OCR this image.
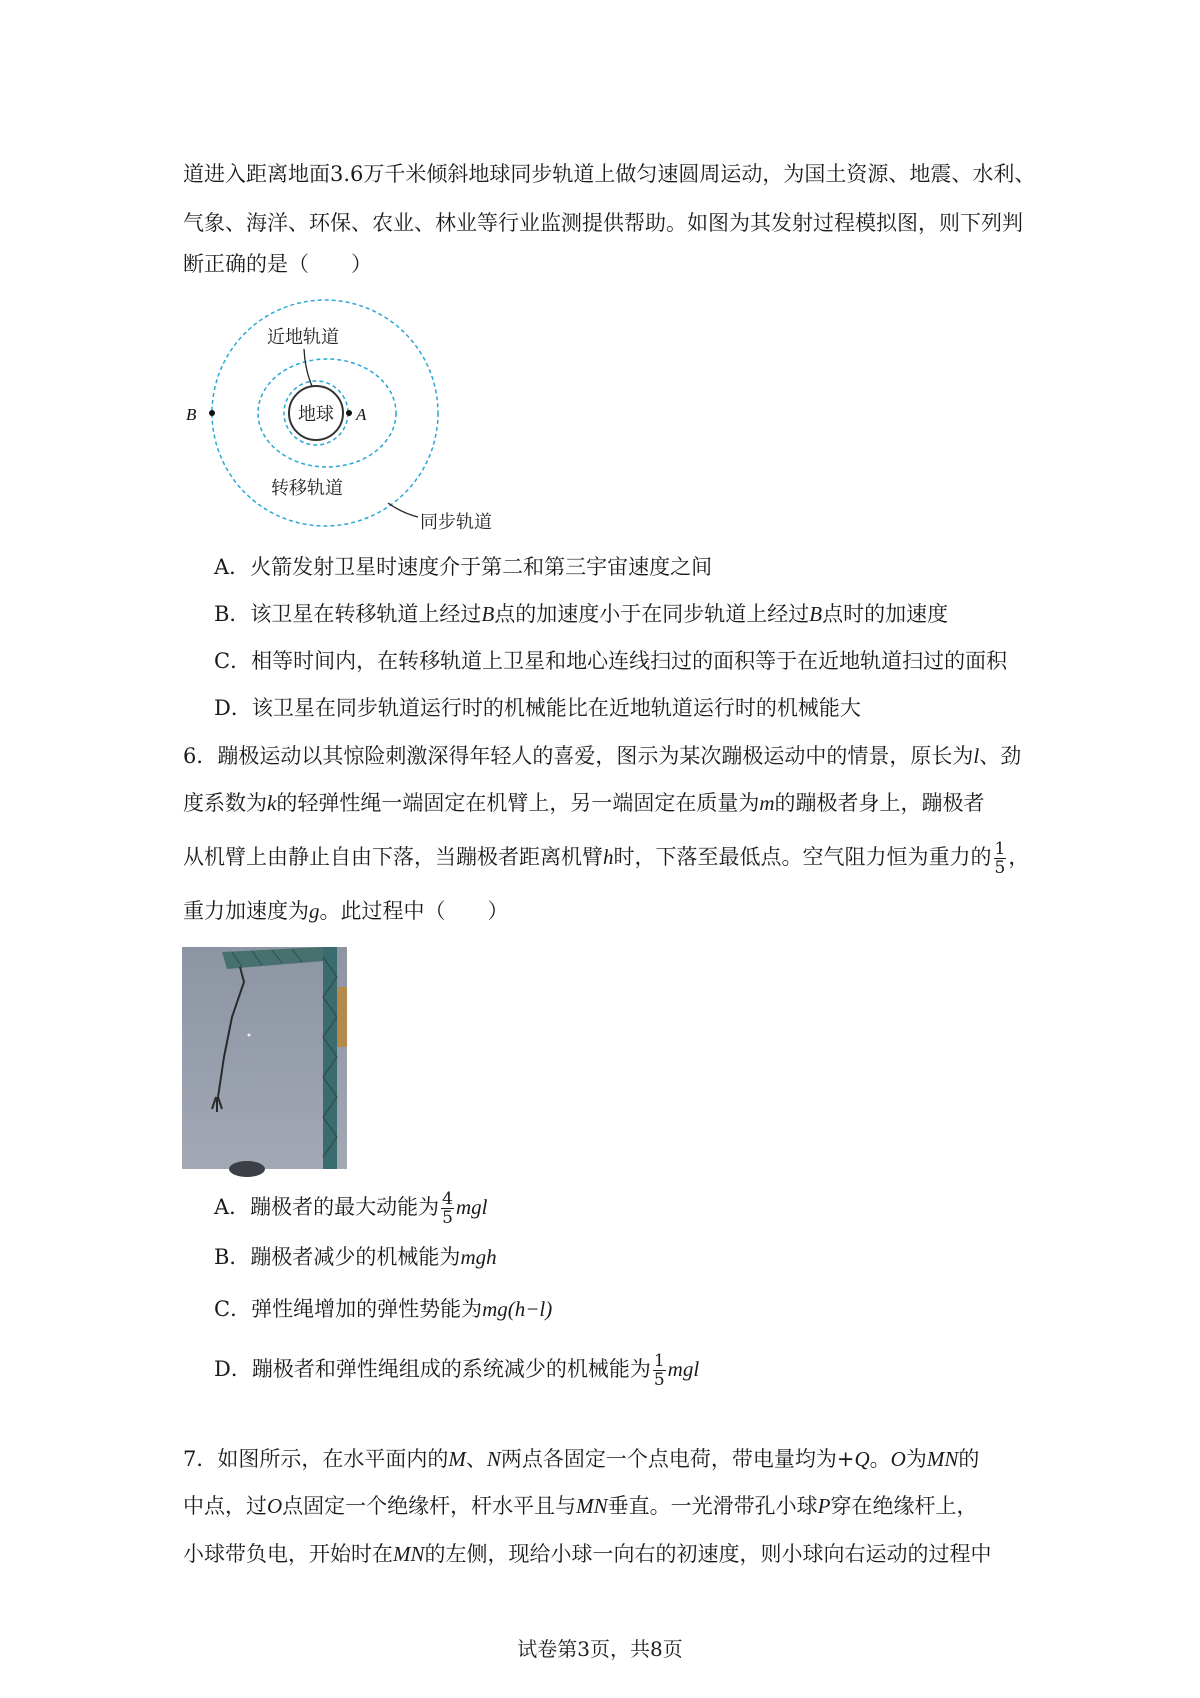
道进入距离地面3.6万千米倾斜地球同步轨道上做匀速圆周运动，为国土资源、地震、水利、
气象、海洋、环保、农业、林业等行业监测提供帮助。如图为其发射过程模拟图，则下列判
断正确的是（　　）
地球 A
B
近地轨道
转移轨道
同步轨道
A．火箭发射卫星时速度介于第二和第三宇宙速度之间
B．该卫星在转移轨道上经过B点的加速度小于在同步轨道上经过B点时的加速度
C．相等时间内，在转移轨道上卫星和地心连线扫过的面积等于在近地轨道扫过的面积
D．该卫星在同步轨道运行时的机械能比在近地轨道运行时的机械能大
6．蹦极运动以其惊险刺激深得年轻人的喜爱，图示为某次蹦极运动中的情景，原长为l、劲
度系数为k的轻弹性绳一端固定在机臂上，另一端固定在质量为m的蹦极者身上，蹦极者
从机臂上由静止自由下落，当蹦极者距离机臂h时，下落至最低点。空气阻力恒为重力的 $\frac{1}{5}$ ，
重力加速度为g。此过程中（　　）
A．蹦极者的最大动能为 $\frac{4}{5}$ mgl
B．蹦极者减少的机械能为mgh
C．弹性绳增加的弹性势能为mg(h−l)
D．蹦极者和弹性绳组成的系统减少的机械能为 $\frac{1}{5}$ mgl
7．如图所示，在水平面内的M、N两点各固定一个点电荷，带电量均为+Q。O为MN的
中点，过O点固定一个绝缘杆，杆水平且与MN垂直。一光滑带孔小球P穿在绝缘杆上，
小球带负电，开始时在MN的左侧，现给小球一向右的初速度，则小球向右运动的过程中
试卷第3页，共8页
